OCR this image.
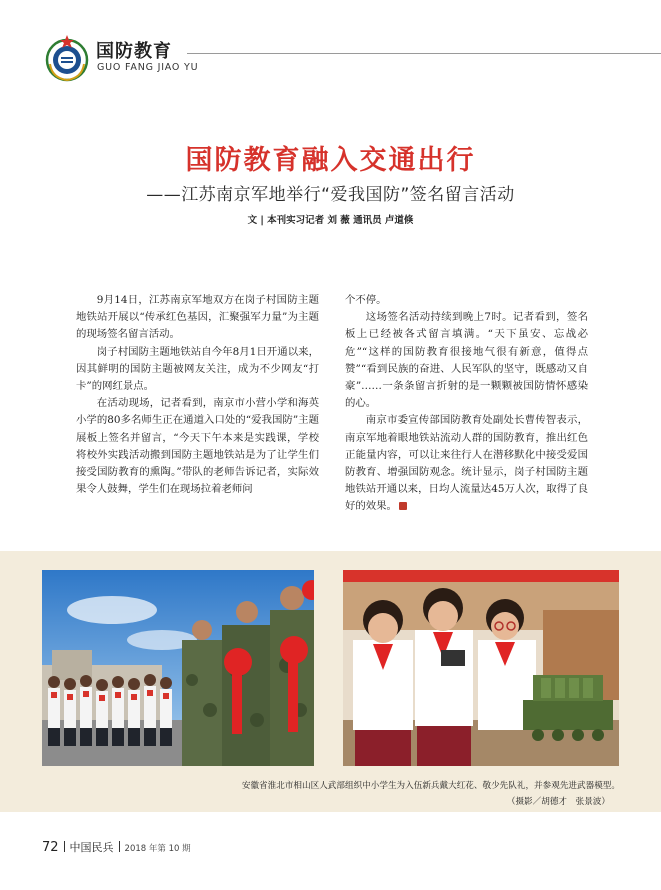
国防教育
GUO FANG JIAO YU
国防教育融入交通出行
——江苏南京军地举行“爱我国防”签名留言活动
文 | 本刊实习记者 刘 薇 通讯员 卢道倏

9月14日，江苏南京军地双方在岗子村国防主题地铁站开展以“传承红色基因，汇聚强军力量”为主题的现场签名留言活动。

岗子村国防主题地铁站自今年8月1日开通以来，因其鲜明的国防主题被网友关注，成为不少网友“打卡”的网红景点。

在活动现场，记者看到，南京市小营小学和海英小学的80多名师生正在通道入口处的“爱我国防”主题展板上签名并留言，“今天下午本来是实践课，学校将校外实践活动搬到国防主题地铁站是为了让学生们接受国防教育的熏陶。”带队的老师告诉记者，实际效果令人鼓舞，学生们在现场拉着老师问

个不停。

这场签名活动持续到晚上7时。记者看到，签名板上已经被各式留言填满。“天下虽安、忘战必危”“这样的国防教育很接地气很有新意，值得点赞”“看到民族的奋进、人民军队的坚守，既感动又自豪”……一条条留言折射的是一颗颗被国防情怀感染的心。

南京市委宣传部国防教育处副处长曹传智表示，南京军地着眼地铁站流动人群的国防教育，推出红色正能量内容，可以让来往行人在潜移默化中接受爱国防教育、增强国防观念。统计显示，岗子村国防主题地铁站开通以来，日均人流量达45万人次，取得了良好的效果。

安徽省淮北市相山区人武部组织中小学生为入伍新兵戴大红花、敬少先队礼，并参观先进武器模型。
（摄影／胡德才　张景波）
72 中国民兵 2018 年第 10 期
